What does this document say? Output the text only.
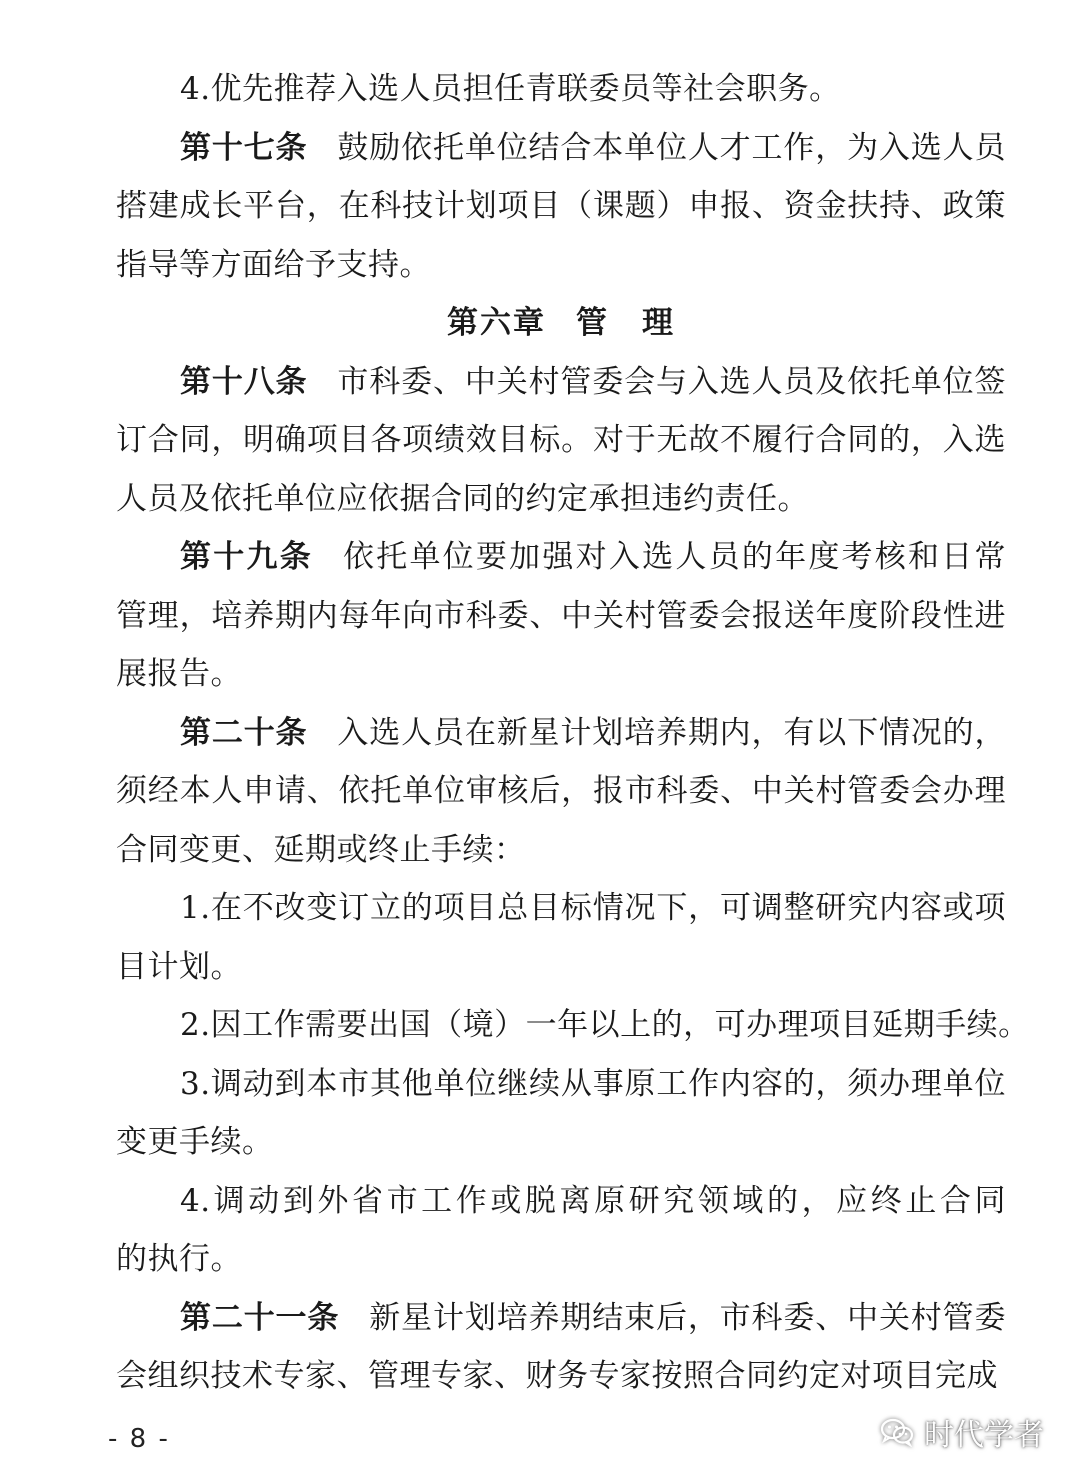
4.优先推荐入选人员担任青联委员等社会职务。
第十七条 鼓励依托单位结合本单位人才工作，为入选人员
搭建成长平台，在科技计划项目（课题）申报、资金扶持、政策
指导等方面给予支持。

第六章 管　理

第十八条 市科委、中关村管委会与入选人员及依托单位签
订合同，明确项目各项绩效目标。对于无故不履行合同的，入选
人员及依托单位应依据合同的约定承担违约责任。
第十九条 依托单位要加强对入选人员的年度考核和日常
管理，培养期内每年向市科委、中关村管委会报送年度阶段性进
展报告。
第二十条 入选人员在新星计划培养期内，有以下情况的，
须经本人申请、依托单位审核后，报市科委、中关村管委会办理
合同变更、延期或终止手续：
1.在不改变订立的项目总目标情况下，可调整研究内容或项
目计划。
2.因工作需要出国（境）一年以上的，可办理项目延期手续。
3.调动到本市其他单位继续从事原工作内容的，须办理单位
变更手续。
4.调动到外省市工作或脱离原研究领域的，应终止合同
的执行。
第二十一条 新星计划培养期结束后，市科委、中关村管委
会组织技术专家、管理专家、财务专家按照合同约定对项目完成
- 8 -	时代学者
